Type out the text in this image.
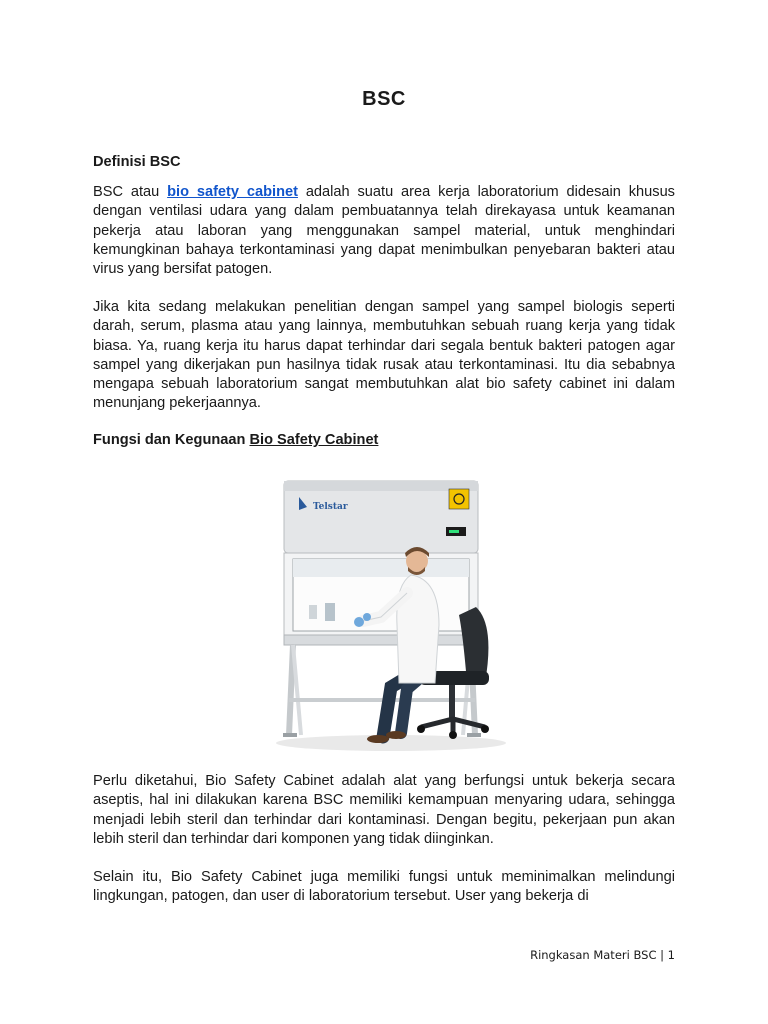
BSC
Definisi BSC

BSC atau bio safety cabinet adalah suatu area kerja laboratorium didesain khusus dengan ventilasi udara yang dalam pembuatannya telah direkayasa untuk keamanan pekerja atau laboran yang menggunakan sampel material, untuk menghindari kemungkinan bahaya terkontaminasi yang dapat menimbulkan penyebaran bakteri atau virus yang bersifat patogen.

Jika kita sedang melakukan penelitian dengan sampel yang sampel biologis seperti darah, serum, plasma atau yang lainnya, membutuhkan sebuah ruang kerja yang tidak biasa. Ya, ruang kerja itu harus dapat terhindar dari segala bentuk bakteri patogen agar sampel yang dikerjakan pun hasilnya tidak rusak atau terkontaminasi. Itu dia sebabnya mengapa sebuah laboratorium sangat membutuhkan alat bio safety cabinet ini dalam menunjang pekerjaannya.

Fungsi dan Kegunaan Bio Safety Cabinet
Telstar

Perlu diketahui, Bio Safety Cabinet adalah alat yang berfungsi untuk bekerja secara aseptis, hal ini dilakukan karena BSC memiliki kemampuan menyaring udara, sehingga menjadi lebih steril dan terhindar dari kontaminasi. Dengan begitu, pekerjaan pun akan lebih steril dan terhindar dari komponen yang tidak diinginkan.

Selain itu, Bio Safety Cabinet juga memiliki fungsi untuk meminimalkan melindungi lingkungan, patogen, dan user di laboratorium tersebut. User yang bekerja di

Ringkasan Materi BSC | 1
